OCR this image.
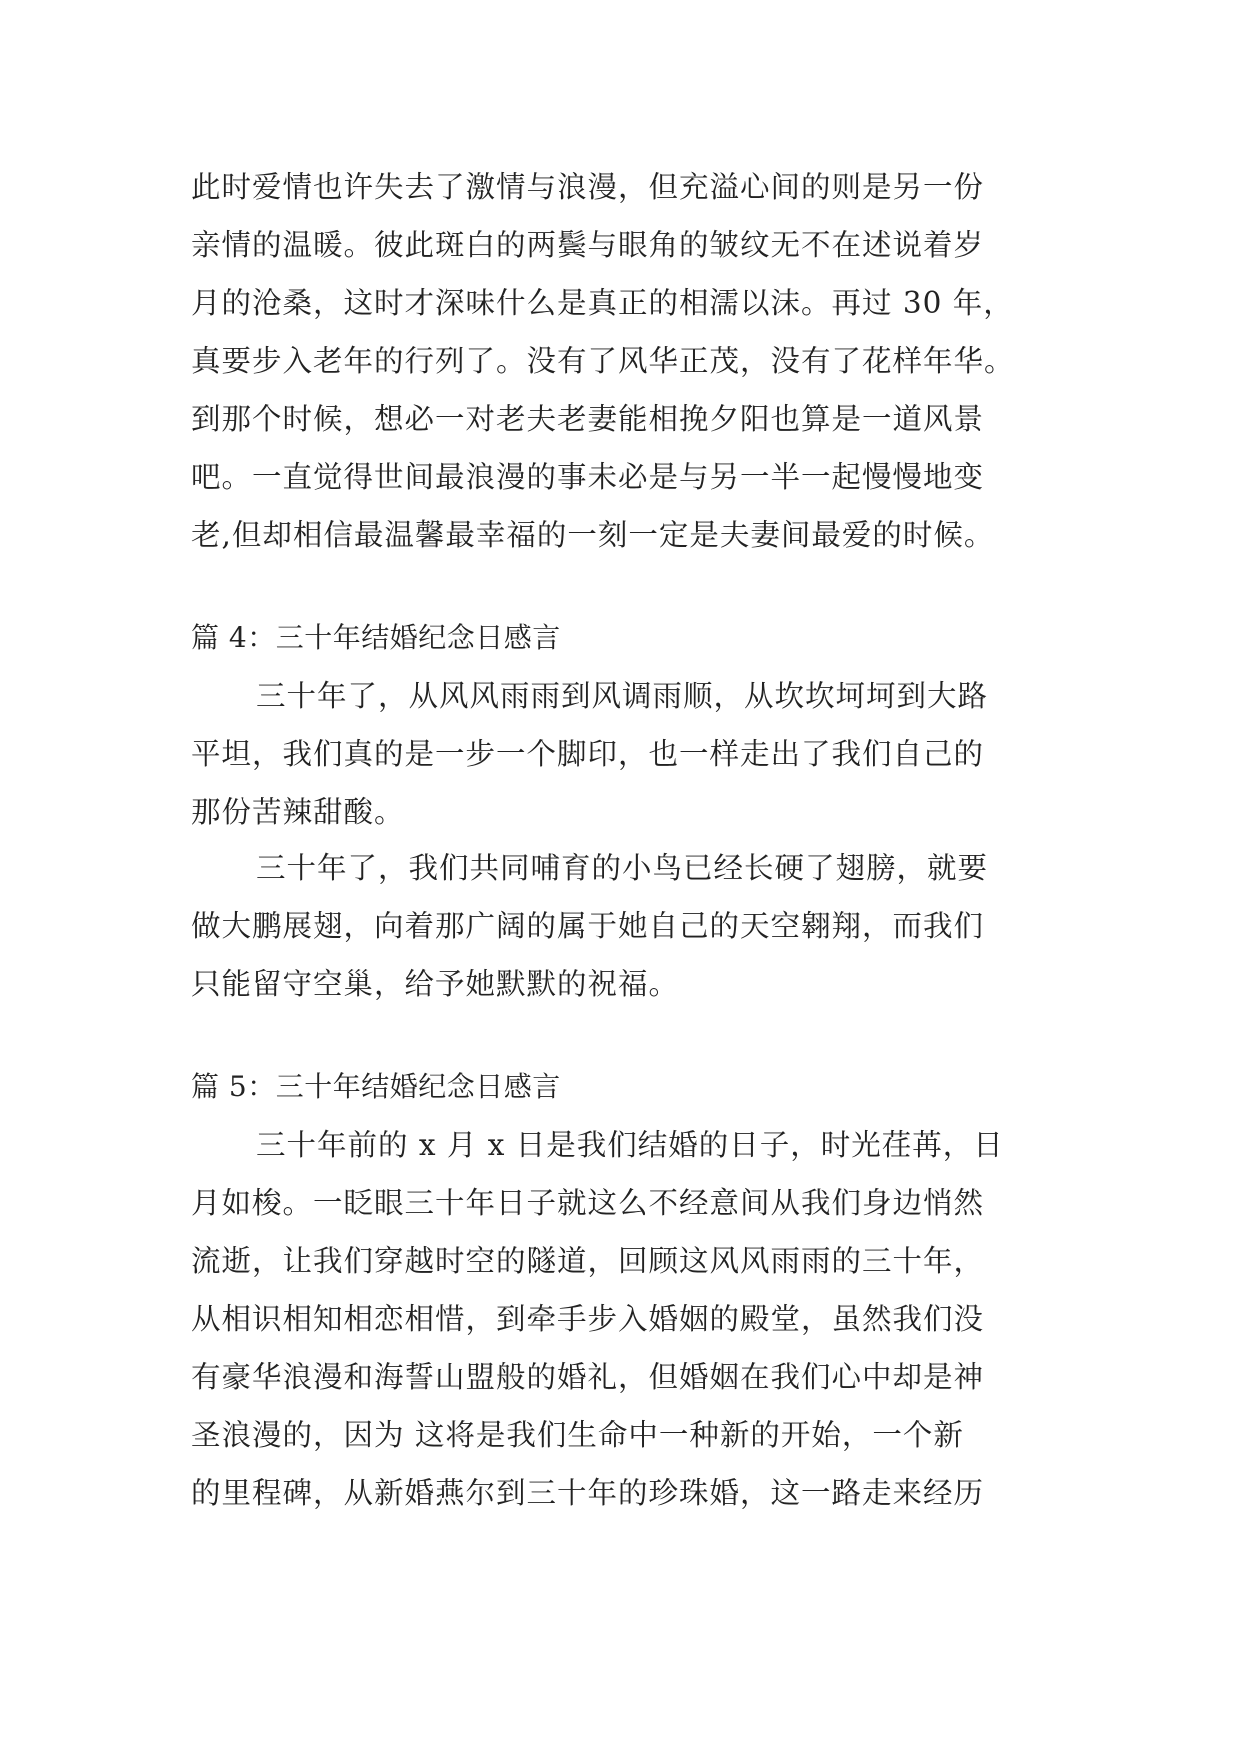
此时爱情也许失去了激情与浪漫，但充溢心间的则是另一份
亲情的温暖。彼此斑白的两鬓与眼角的皱纹无不在述说着岁
月的沧桑，这时才深味什么是真正的相濡以沫。再过 30 年，
真要步入老年的行列了。没有了风华正茂，没有了花样年华。
到那个时候，想必一对老夫老妻能相挽夕阳也算是一道风景
吧。一直觉得世间最浪漫的事未必是与另一半一起慢慢地变
老,但却相信最温馨最幸福的一刻一定是夫妻间最爱的时候。
篇 4：三十年结婚纪念日感言
三十年了，从风风雨雨到风调雨顺，从坎坎坷坷到大路
平坦，我们真的是一步一个脚印，也一样走出了我们自己的
那份苦辣甜酸。
三十年了，我们共同哺育的小鸟已经长硬了翅膀，就要
做大鹏展翅，向着那广阔的属于她自己的天空翱翔，而我们
只能留守空巢，给予她默默的祝福。
篇 5：三十年结婚纪念日感言
三十年前的 x 月 x 日是我们结婚的日子，时光荏苒，日
月如梭。一眨眼三十年日子就这么不经意间从我们身边悄然
流逝，让我们穿越时空的隧道，回顾这风风雨雨的三十年，
从相识相知相恋相惜，到牵手步入婚姻的殿堂，虽然我们没
有豪华浪漫和海誓山盟般的婚礼，但婚姻在我们心中却是神
圣浪漫的，因为 这将是我们生命中一种新的开始，一个新
的里程碑，从新婚燕尔到三十年的珍珠婚，这一路走来经历
